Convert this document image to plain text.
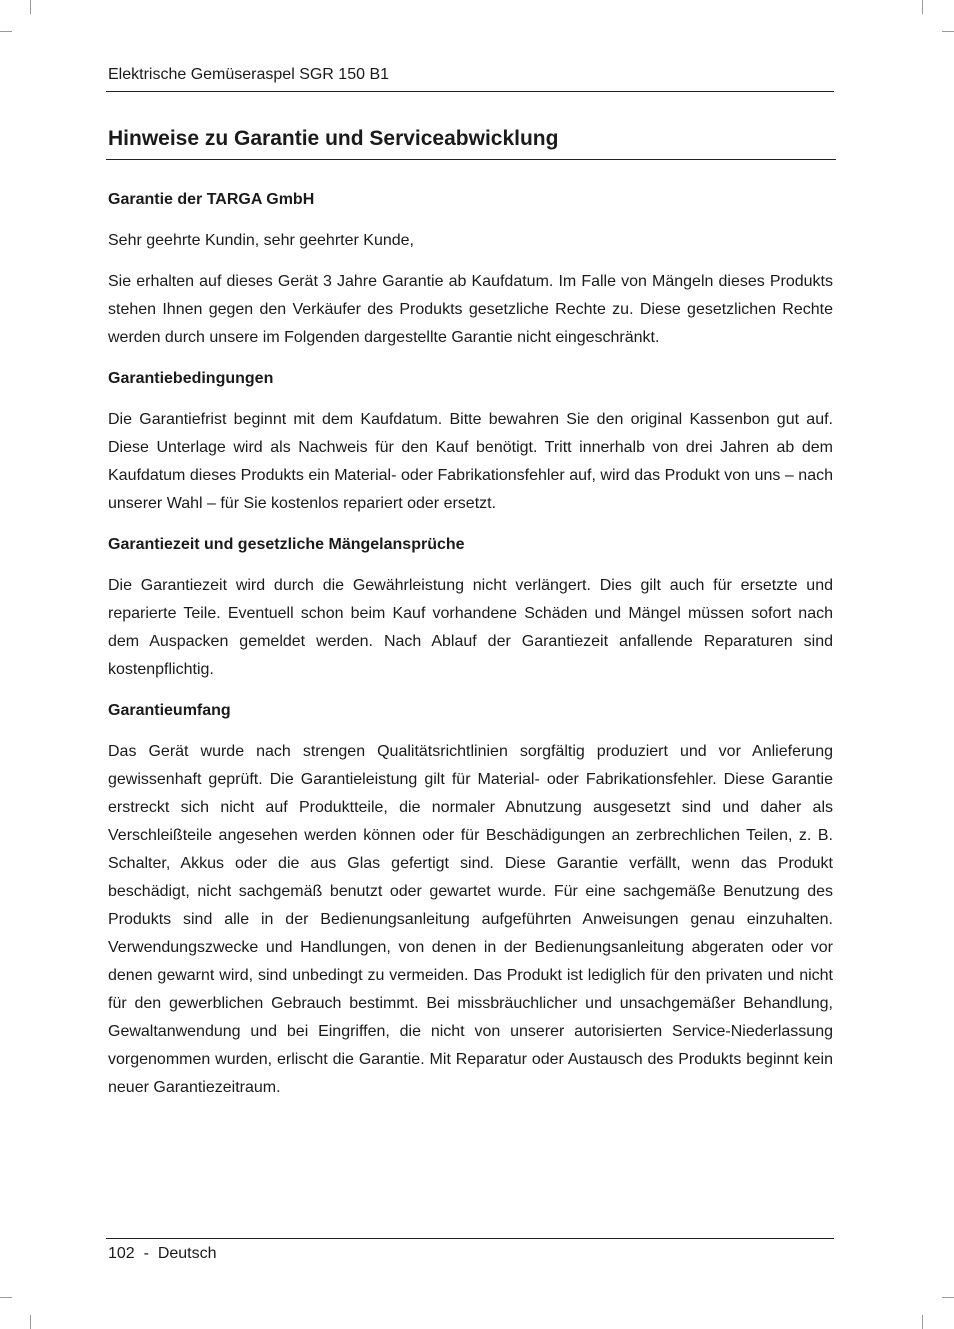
Elektrische Gemüseraspel SGR 150 B1
Hinweise zu Garantie und Serviceabwicklung
Garantie der TARGA GmbH

Sehr geehrte Kundin, sehr geehrter Kunde,

Sie erhalten auf dieses Gerät 3 Jahre Garantie ab Kaufdatum. Im Falle von Mängeln dieses Produkts stehen Ihnen gegen den Verkäufer des Produkts gesetzliche Rechte zu. Diese gesetzlichen Rechte werden durch unsere im Folgenden dargestellte Garantie nicht eingeschränkt.

Garantiebedingungen

Die Garantiefrist beginnt mit dem Kaufdatum. Bitte bewahren Sie den original Kassenbon gut auf. Diese Unterlage wird als Nachweis für den Kauf benötigt. Tritt innerhalb von drei Jahren ab dem Kaufdatum dieses Produkts ein Material- oder Fabrikationsfehler auf, wird das Produkt von uns – nach unserer Wahl – für Sie kostenlos repariert oder ersetzt.

Garantiezeit und gesetzliche Mängelansprüche

Die Garantiezeit wird durch die Gewährleistung nicht verlängert. Dies gilt auch für ersetzte und reparierte Teile. Eventuell schon beim Kauf vorhandene Schäden und Mängel müssen sofort nach dem Auspacken gemeldet werden. Nach Ablauf der Garantiezeit anfallende Reparaturen sind kostenpflichtig.

Garantieumfang

Das Gerät wurde nach strengen Qualitätsrichtlinien sorgfältig produziert und vor Anlieferung gewissenhaft geprüft. Die Garantieleistung gilt für Material- oder Fabrikationsfehler. Diese Garantie erstreckt sich nicht auf Produktteile, die normaler Abnutzung ausgesetzt sind und daher als Verschleißteile angesehen werden können oder für Beschädigungen an zerbrechlichen Teilen, z. B. Schalter, Akkus oder die aus Glas gefertigt sind. Diese Garantie verfällt, wenn das Produkt beschädigt, nicht sachgemäß benutzt oder gewartet wurde. Für eine sachgemäße Benutzung des Produkts sind alle in der Bedienungsanleitung aufgeführten Anweisungen genau einzuhalten. Verwendungszwecke und Handlungen, von denen in der Bedienungsanleitung abgeraten oder vor denen gewarnt wird, sind unbedingt zu vermeiden. Das Produkt ist lediglich für den privaten und nicht für den gewerblichen Gebrauch bestimmt. Bei missbräuchlicher und unsachgemäßer Behandlung, Gewaltanwendung und bei Eingriffen, die nicht von unserer autorisierten Service-Niederlassung vorgenommen wurden, erlischt die Garantie. Mit Reparatur oder Austausch des Produkts beginnt kein neuer Garantiezeitraum.

102 - Deutsch
